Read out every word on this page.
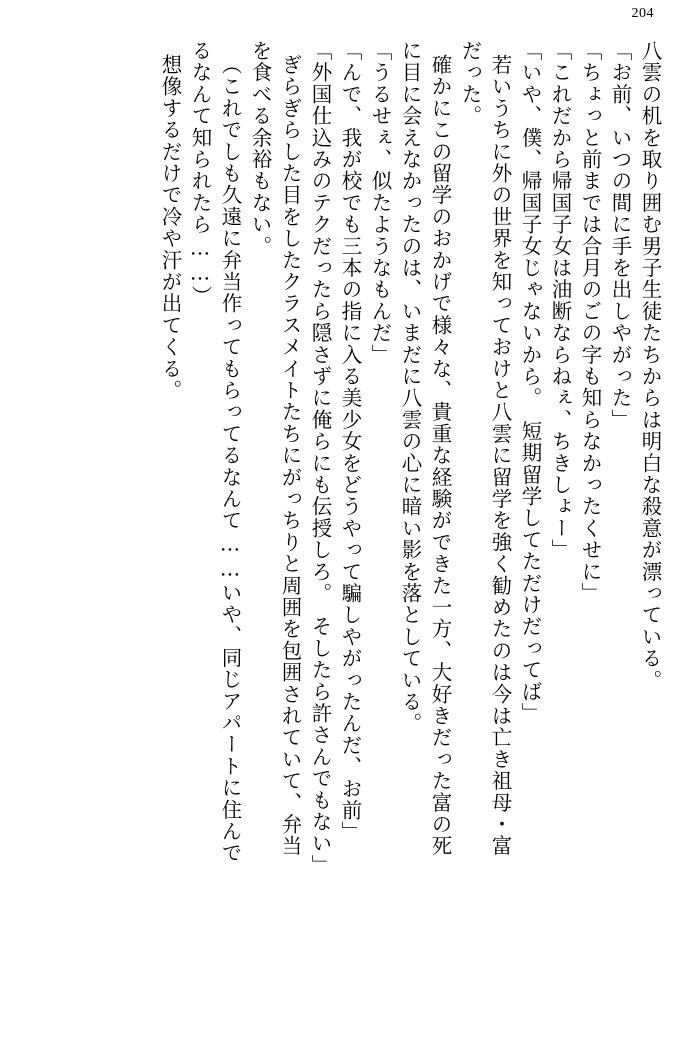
204
八雲の机を取り囲む男子生徒たちからは明白な殺意が漂っている。
「お前、いつの間に手を出しやがった」
「ちょっと前までは合月のごの字も知らなかったくせに」
「これだから帰国子女は油断ならねぇ、ちきしょー」
「いや、僕、帰国子女じゃないから。　短期留学してただけだってば」
若いうちに外の世界を知っておけと八雲に留学を強く勧めたのは今は亡き祖母・富
だった。
確かにこの留学のおかげで様々な、貴重な経験ができた一方、大好きだった富の死
に目に会えなかったのは、いまだに八雲の心に暗い影を落としている。
「うるせぇ、似たようなもんだ」
「んで、我が校でも三本の指に入る美少女をどうやって騙しやがったんだ、お前」
「外国仕込みのテクだったら隠さずに俺らにも伝授しろ。　そしたら許さんでもない」
ぎらぎらした目をしたクラスメイトたちにがっちりと周囲を包囲されていて、弁当
を食べる余裕もない。
（これでしも久遠に弁当作ってもらってるなんて……いや、同じアパートに住んで
るなんて知られたら……）
想像するだけで冷や汗が出てくる。
